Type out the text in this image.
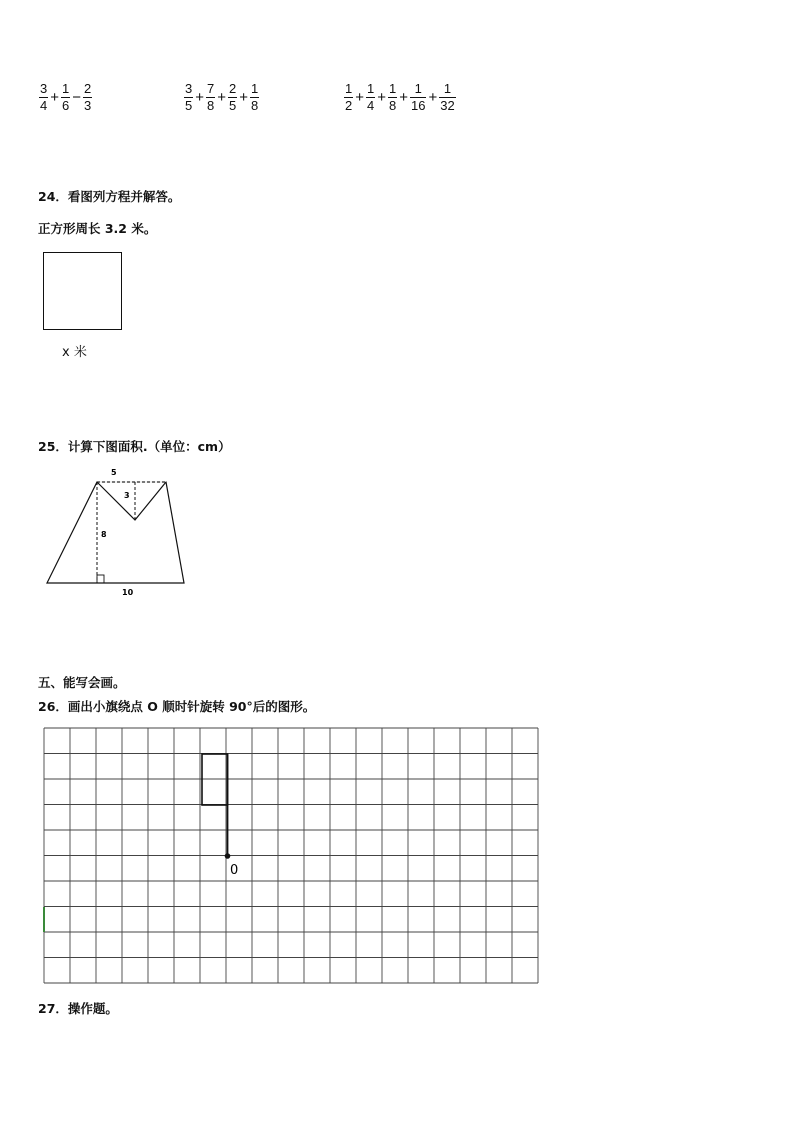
$\frac{3}{4} + \frac{1}{6} - \frac{2}{3}$	$\frac{3}{5} + \frac{7}{8} + \frac{2}{5} + \frac{1}{8}$	$\frac{1}{2} + \frac{1}{4} + \frac{1}{8} + \frac{1}{16} + \frac{1}{32}$
24．看图列方程并解答。
正方形周长 3.2 米。
x 米
25．计算下图面积.（单位：cm）
5
3
8
10
五、能写会画。
26．画出小旗绕点 O 顺时针旋转 90°后的图形。
0
27．操作题。
